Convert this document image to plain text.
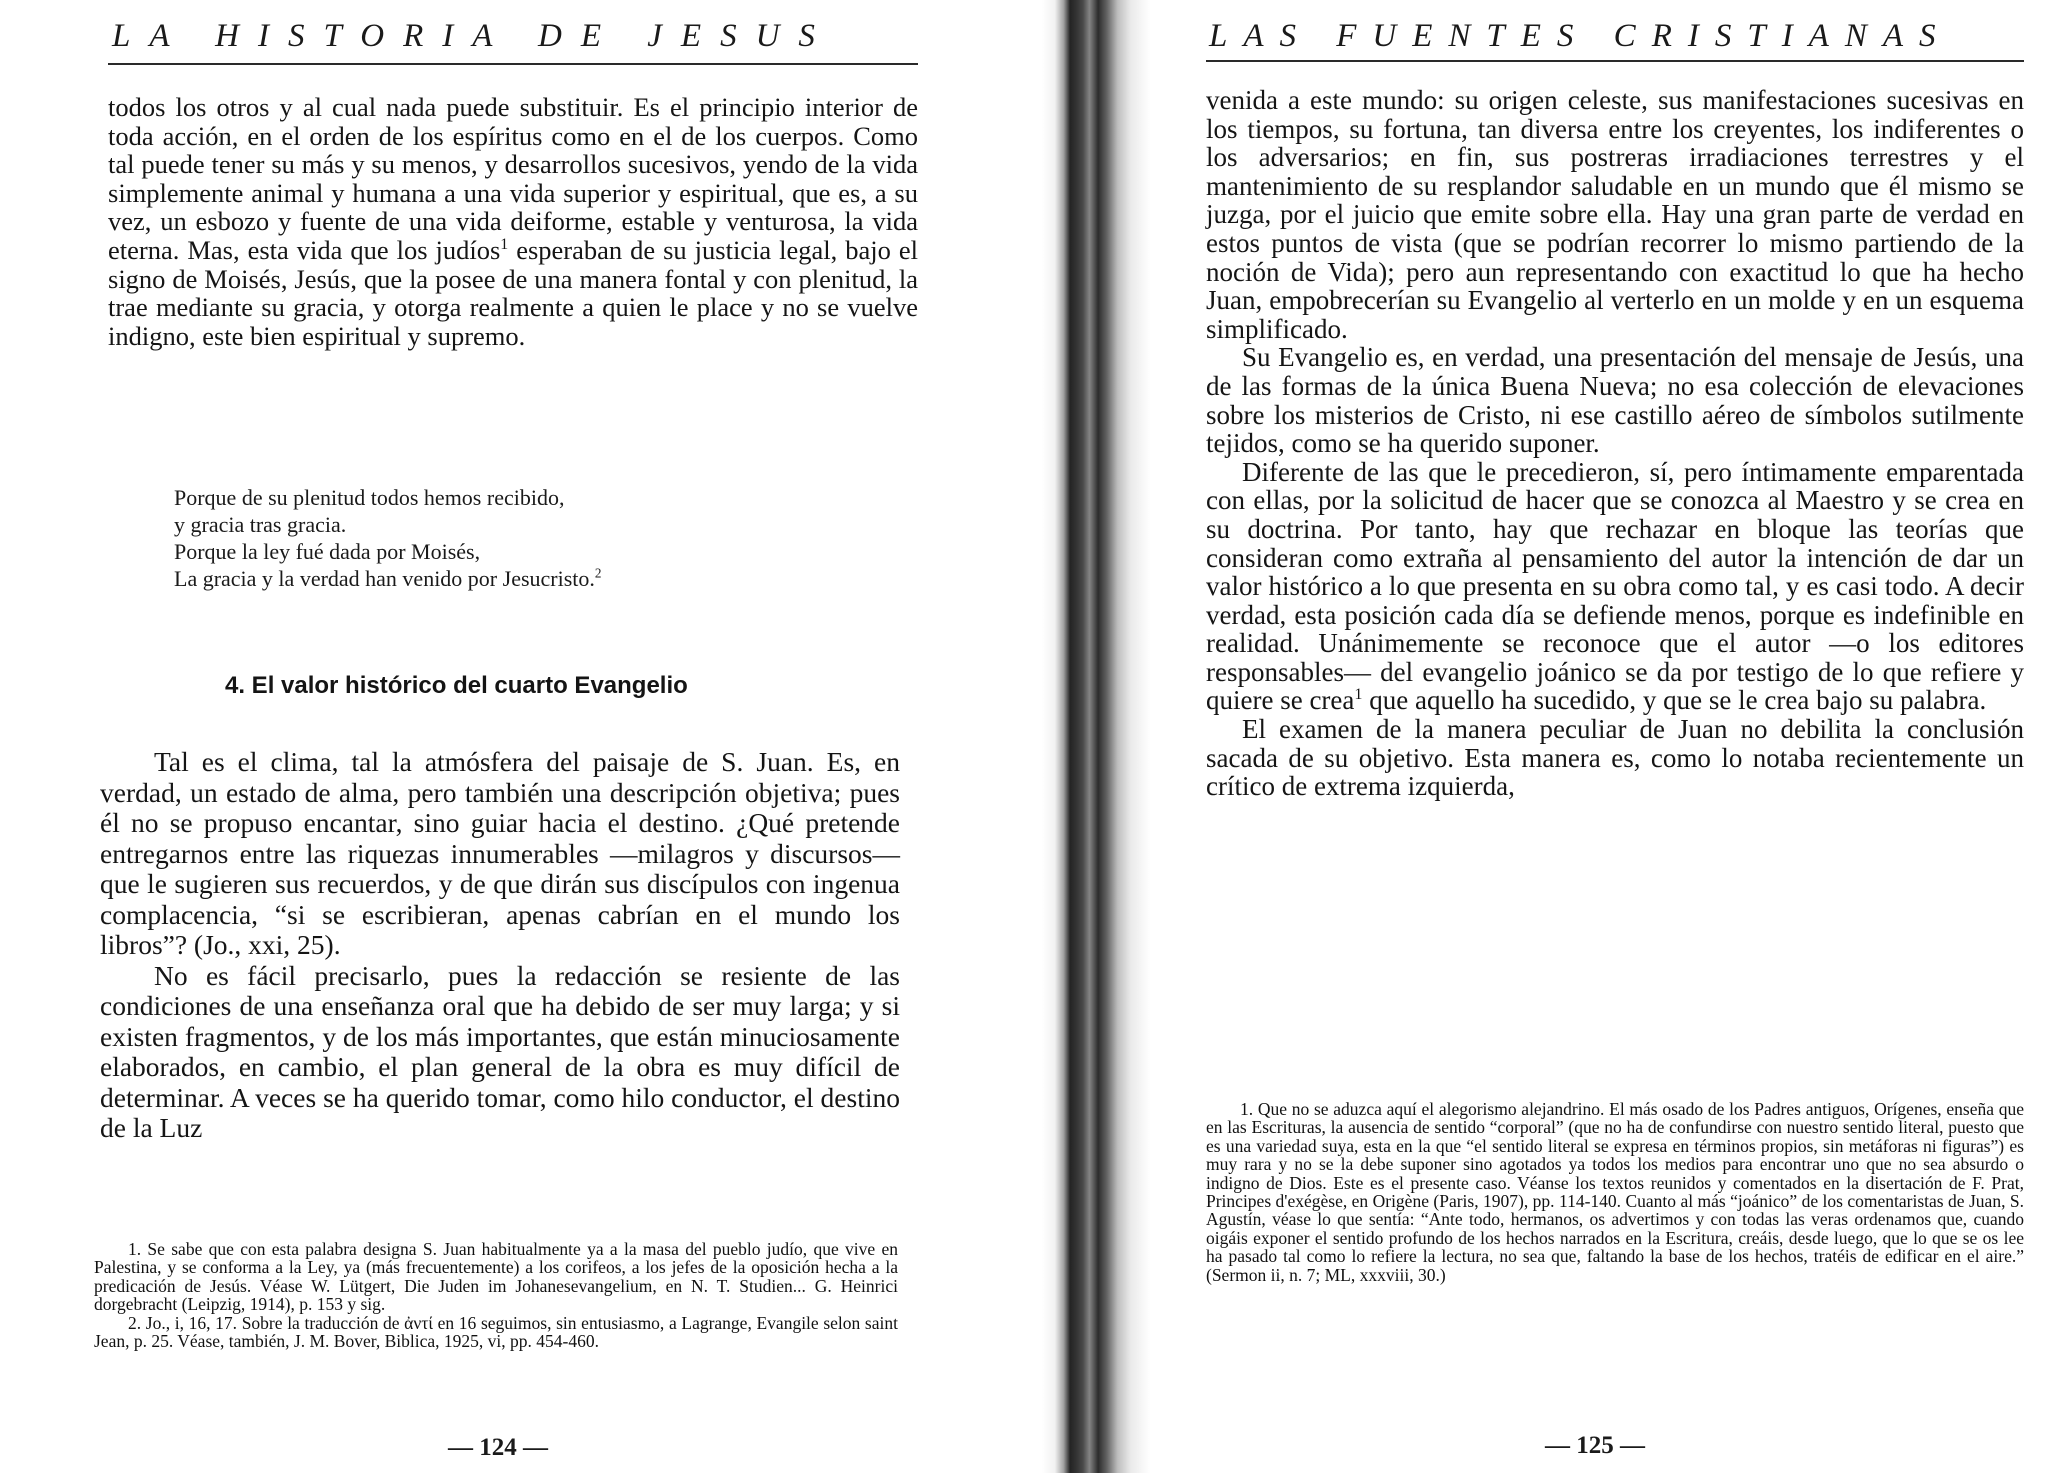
LA HISTORIA DE JESUS

todos los otros y al cual nada puede substituir. Es el principio interior de toda acción, en el orden de los espíritus como en el de los cuerpos. Como tal puede tener su más y su menos, y desarrollos sucesivos, yendo de la vida simplemente animal y humana a una vida superior y espiritual, que es, a su vez, un esbozo y fuente de una vida deiforme, estable y venturosa, la vida eterna. Mas, esta vida que los judíos$^1$ esperaban de su justicia legal, bajo el signo de Moisés, Jesús, que la posee de una manera fontal y con plenitud, la trae mediante su gracia, y otorga realmente a quien le place y no se vuelve indigno, este bien espiritual y supremo.

Porque de su plenitud todos hemos recibido,
y gracia tras gracia.
Porque la ley fué dada por Moisés,
La gracia y la verdad han venido por Jesucristo.$^2$
4. El valor histórico del cuarto Evangelio

Tal es el clima, tal la atmósfera del paisaje de S. Juan. Es, en verdad, un estado de alma, pero también una descripción objetiva; pues él no se propuso encantar, sino guiar hacia el destino. ¿Qué pretende entregarnos entre las riquezas innumerables —milagros y discursos— que le sugieren sus recuerdos, y de que dirán sus discípulos con ingenua complacencia, “si se escribieran, apenas cabrían en el mundo los libros”? (Jo., xxi, 25).

No es fácil precisarlo, pues la redacción se resiente de las condiciones de una enseñanza oral que ha debido de ser muy larga; y si existen fragmentos, y de los más importantes, que están minuciosamente elaborados, en cambio, el plan general de la obra es muy difícil de determinar. A veces se ha querido tomar, como hilo conductor, el destino de la Luz

1. Se sabe que con esta palabra designa S. Juan habitualmente ya a la masa del pueblo judío, que vive en Palestina, y se conforma a la Ley, ya (más frecuentemente) a los corifeos, a los jefes de la oposición hecha a la predicación de Jesús. Véase W. Lütgert, Die Juden im Johanesevangelium, en N. T. Studien... G. Heinrici dorgebracht (Leipzig, 1914), p. 153 y sig.

2. Jo., i, 16, 17. Sobre la traducción de ἀντί en 16 seguimos, sin entusiasmo, a Lagrange, Evangile selon saint Jean, p. 25. Véase, también, J. M. Bover, Biblica, 1925, vi, pp. 454-460.

— 124 —
LAS FUENTES CRISTIANAS

venida a este mundo: su origen celeste, sus manifestaciones sucesivas en los tiempos, su fortuna, tan diversa entre los creyentes, los indiferentes o los adversarios; en fin, sus postreras irradiaciones terrestres y el mantenimiento de su resplandor saludable en un mundo que él mismo se juzga, por el juicio que emite sobre ella. Hay una gran parte de verdad en estos puntos de vista (que se podrían recorrer lo mismo partiendo de la noción de Vida); pero aun representando con exactitud lo que ha hecho Juan, empobrecerían su Evangelio al verterlo en un molde y en un esquema simplificado.

Su Evangelio es, en verdad, una presentación del mensaje de Jesús, una de las formas de la única Buena Nueva; no esa colección de elevaciones sobre los misterios de Cristo, ni ese castillo aéreo de símbolos sutilmente tejidos, como se ha querido suponer.

Diferente de las que le precedieron, sí, pero íntimamente emparentada con ellas, por la solicitud de hacer que se conozca al Maestro y se crea en su doctrina. Por tanto, hay que rechazar en bloque las teorías que consideran como extraña al pensamiento del autor la intención de dar un valor histórico a lo que presenta en su obra como tal, y es casi todo. A decir verdad, esta posición cada día se defiende menos, porque es indefinible en realidad. Unánimemente se reconoce que el autor —o los editores responsables— del evangelio joánico se da por testigo de lo que refiere y quiere se crea$^1$ que aquello ha sucedido, y que se le crea bajo su palabra.

El examen de la manera peculiar de Juan no debilita la conclusión sacada de su objetivo. Esta manera es, como lo notaba recientemente un crítico de extrema izquierda,

1. Que no se aduzca aquí el alegorismo alejandrino. El más osado de los Padres antiguos, Orígenes, enseña que en las Escrituras, la ausencia de sentido “corporal” (que no ha de confundirse con nuestro sentido literal, puesto que es una variedad suya, esta en la que “el sentido literal se expresa en términos propios, sin metáforas ni figuras”) es muy rara y no se la debe suponer sino agotados ya todos los medios para encontrar uno que no sea absurdo o indigno de Dios. Este es el presente caso. Véanse los textos reunidos y comentados en la disertación de F. Prat, Principes d'exégèse, en Origène (Paris, 1907), pp. 114-140. Cuanto al más “joánico” de los comentaristas de Juan, S. Agustín, véase lo que sentía: “Ante todo, hermanos, os advertimos y con todas las veras ordenamos que, cuando oigáis exponer el sentido profundo de los hechos narrados en la Escritura, creáis, desde luego, que lo que se os lee ha pasado tal como lo refiere la lectura, no sea que, faltando la base de los hechos, tratéis de edificar en el aire.” (Sermon ii, n. 7; ML, xxxviii, 30.)

— 125 —
